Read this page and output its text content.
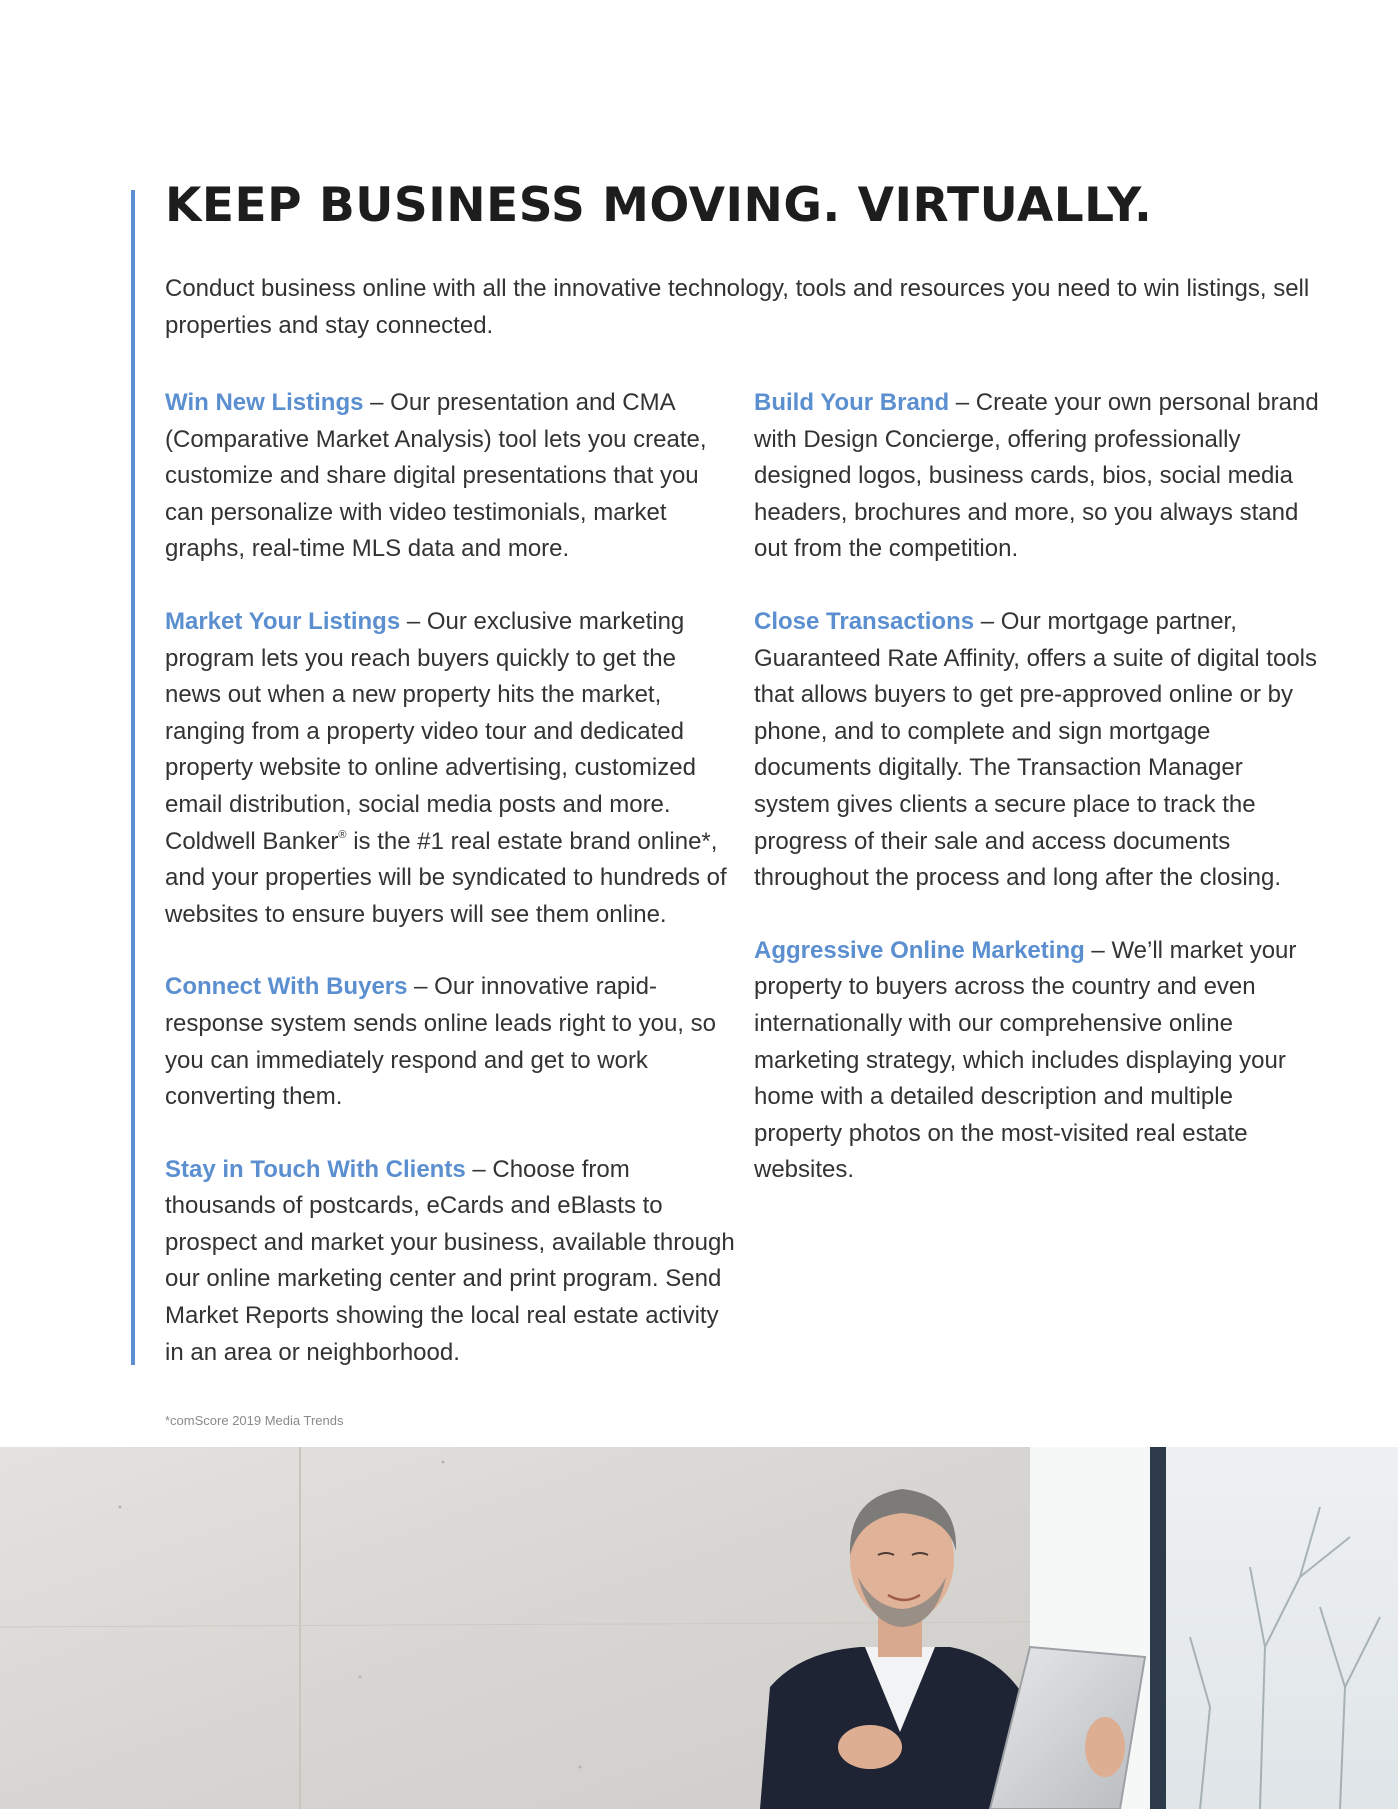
KEEP BUSINESS MOVING. VIRTUALLY.

Conduct business online with all the innovative technology, tools and resources you need to win listings, sell properties and stay connected.

Win New Listings – Our presentation and CMA (Comparative Market Analysis) tool lets you create, customize and share digital presentations that you can personalize with video testimonials, market graphs, real-time MLS data and more.

Market Your Listings – Our exclusive marketing program lets you reach buyers quickly to get the news out when a new property hits the market, ranging from a property video tour and dedicated property website to online advertising, customized email distribution, social media posts and more. Coldwell Banker® is the #1 real estate brand online*, and your properties will be syndicated to hundreds of websites to ensure buyers will see them online.

Connect With Buyers – Our innovative rapid-response system sends online leads right to you, so you can immediately respond and get to work converting them.

Stay in Touch With Clients – Choose from thousands of postcards, eCards and eBlasts to prospect and market your business, available through our online marketing center and print program. Send Market Reports showing the local real estate activity in an area or neighborhood.

Build Your Brand – Create your own personal brand with Design Concierge, offering professionally designed logos, business cards, bios, social media headers, brochures and more, so you always stand out from the competition.

Close Transactions – Our mortgage partner, Guaranteed Rate Affinity, offers a suite of digital tools that allows buyers to get pre-approved online or by phone, and to complete and sign mortgage documents digitally. The Transaction Manager system gives clients a secure place to track the progress of their sale and access documents throughout the process and long after the closing.

Aggressive Online Marketing – We’ll market your property to buyers across the country and even internationally with our comprehensive online marketing strategy, which includes displaying your home with a detailed description and multiple property photos on the most-visited real estate websites.

*comScore 2019 Media Trends
